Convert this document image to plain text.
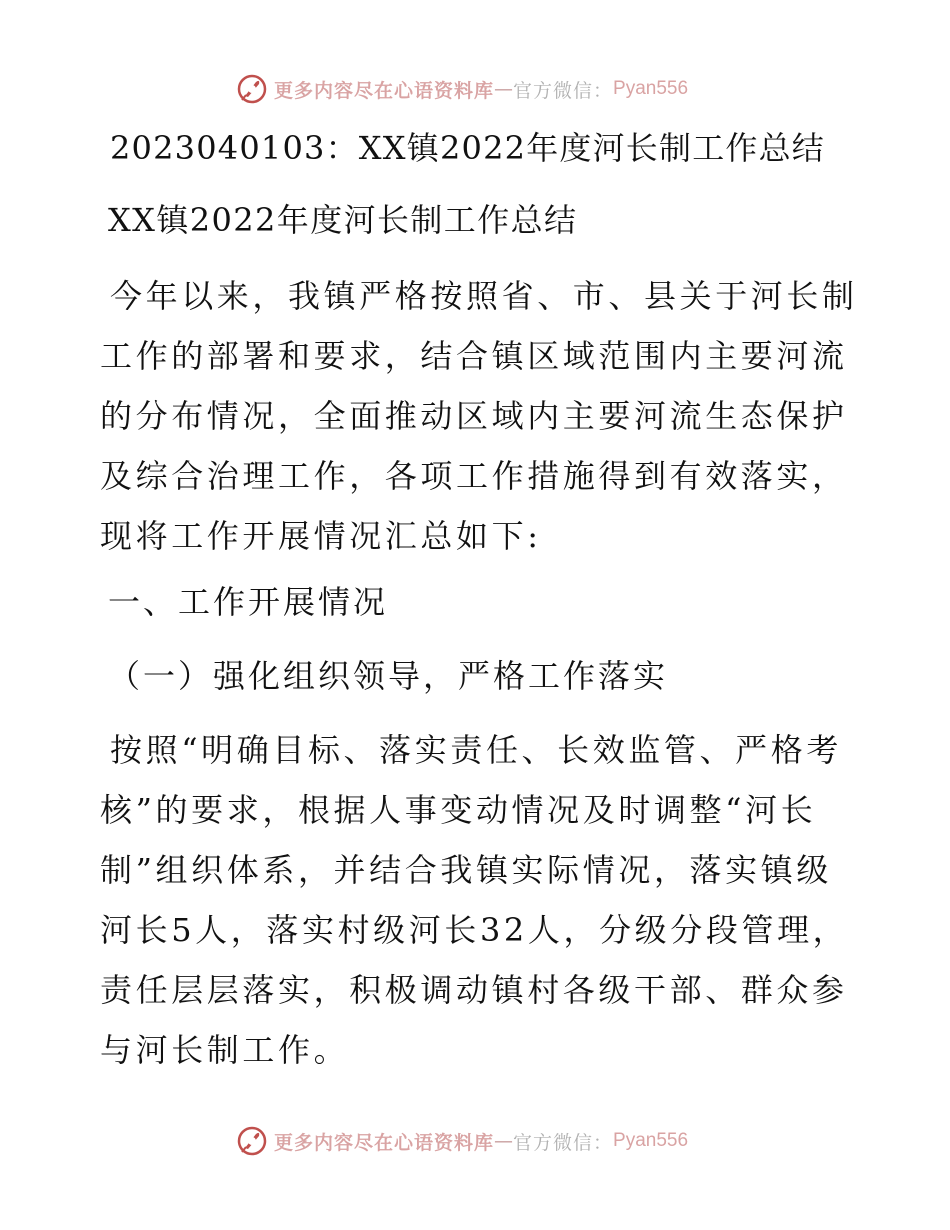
更多内容尽在心语资料库 — 官方微信： Pyan556
2023040103：XX镇2022年度河长制工作总结
XX镇2022年度河长制工作总结

今年以来，我镇严格按照省、市、县关于河长制工作的部署和要求，结合镇区域范围内主要河流的分布情况，全面推动区域内主要河流生态保护及综合治理工作，各项工作措施得到有效落实，现将工作开展情况汇总如下:

一、工作开展情况
（一）强化组织领导，严格工作落实

按照“明确目标、落实责任、长效监管、严格考核”的要求，根据人事变动情况及时调整“河长制”组织体系，并结合我镇实际情况，落实镇级河长5人，落实村级河长32人，分级分段管理，责任层层落实，积极调动镇村各级干部、群众参与河长制工作。

更多内容尽在心语资料库 — 官方微信： Pyan556
